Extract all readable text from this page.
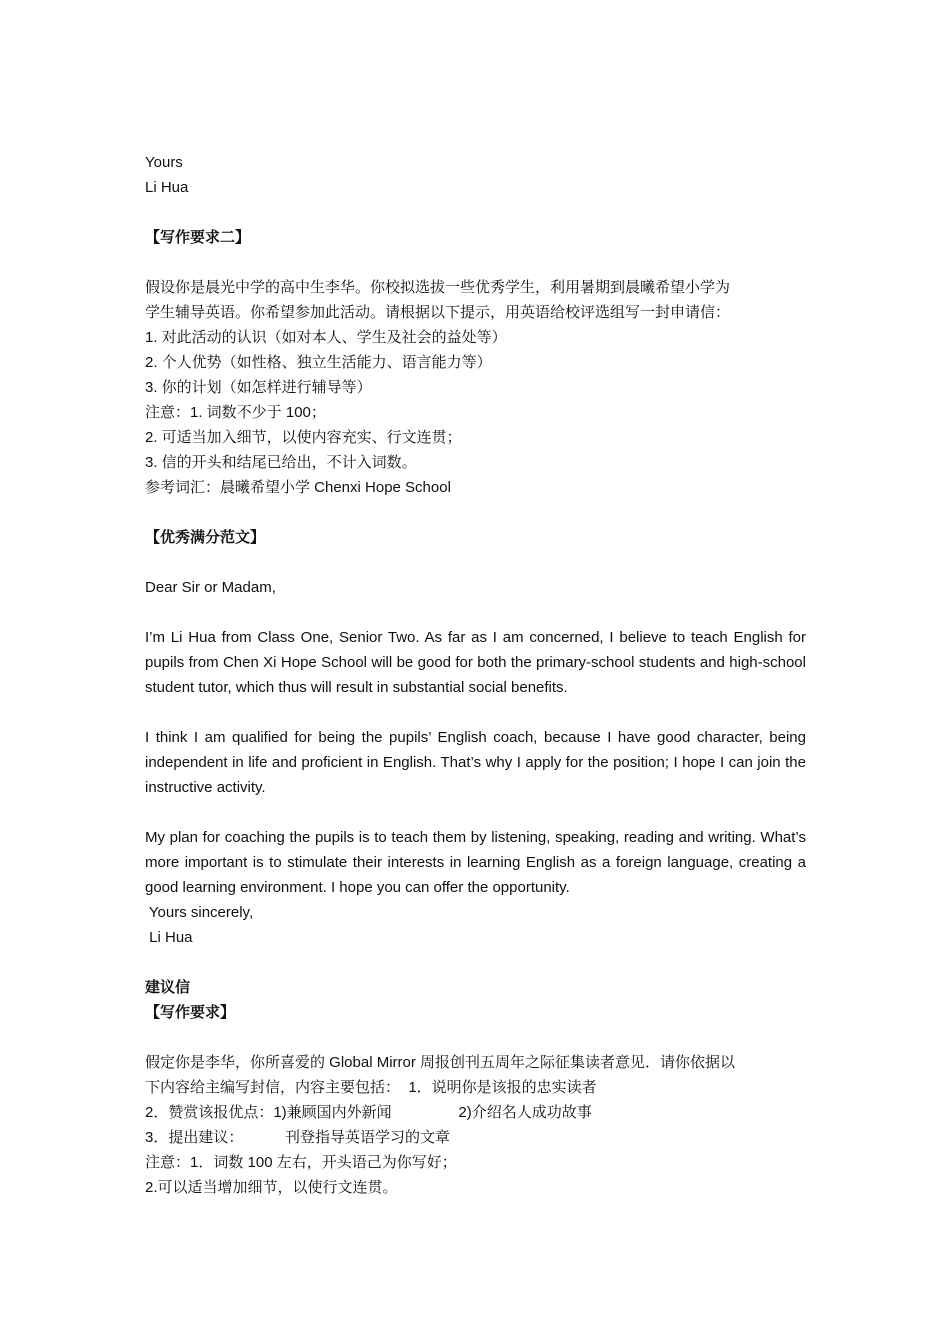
Yours

Li Hua

【写作要求二】

假设你是晨光中学的高中生李华。你校拟选拔一些优秀学生，利用暑期到晨曦希望小学为

学生辅导英语。你希望参加此活动。请根据以下提示，用英语给校评选组写一封申请信：

1. 对此活动的认识（如对本人、学生及社会的益处等）

2. 个人优势（如性格、独立生活能力、语言能力等）

3. 你的计划（如怎样进行辅导等）

注意：1. 词数不少于 100；

2. 可适当加入细节，以使内容充实、行文连贯；

3. 信的开头和结尾已给出，不计入词数。

参考词汇：晨曦希望小学 Chenxi Hope School

【优秀满分范文】

Dear Sir or Madam,

I’m Li Hua from Class One, Senior Two. As far as I am concerned, I believe to teach English for pupils from Chen Xi Hope School will be good for both the primary-school students and high-school student tutor, which thus will result in substantial social benefits.

I think I am qualified for being the pupils’ English coach, because I have good character, being independent in life and proficient in English. That’s why I apply for the position; I hope I can join the instructive activity.

My plan for coaching the pupils is to teach them by listening, speaking, reading and writing. What’s more important is to stimulate their interests in learning English as a foreign language, creating a good learning environment. I hope you can offer the opportunity.

Yours sincerely,

Li Hua

建议信

【写作要求】

假定你是李华，你所喜爱的 Global Mirror 周报创刊五周年之际征集读者意见．请你依据以

下内容给主编写封信，内容主要包括：  1．说明你是该报的忠实读者

2．赞赏该报优点：1)兼顾国内外新闻                2)介绍名人成功故事

3．提出建议：          刊登指导英语学习的文章

注意：1．词数 100 左右，开头语己为你写好；

2.可以适当增加细节，以使行文连贯。
